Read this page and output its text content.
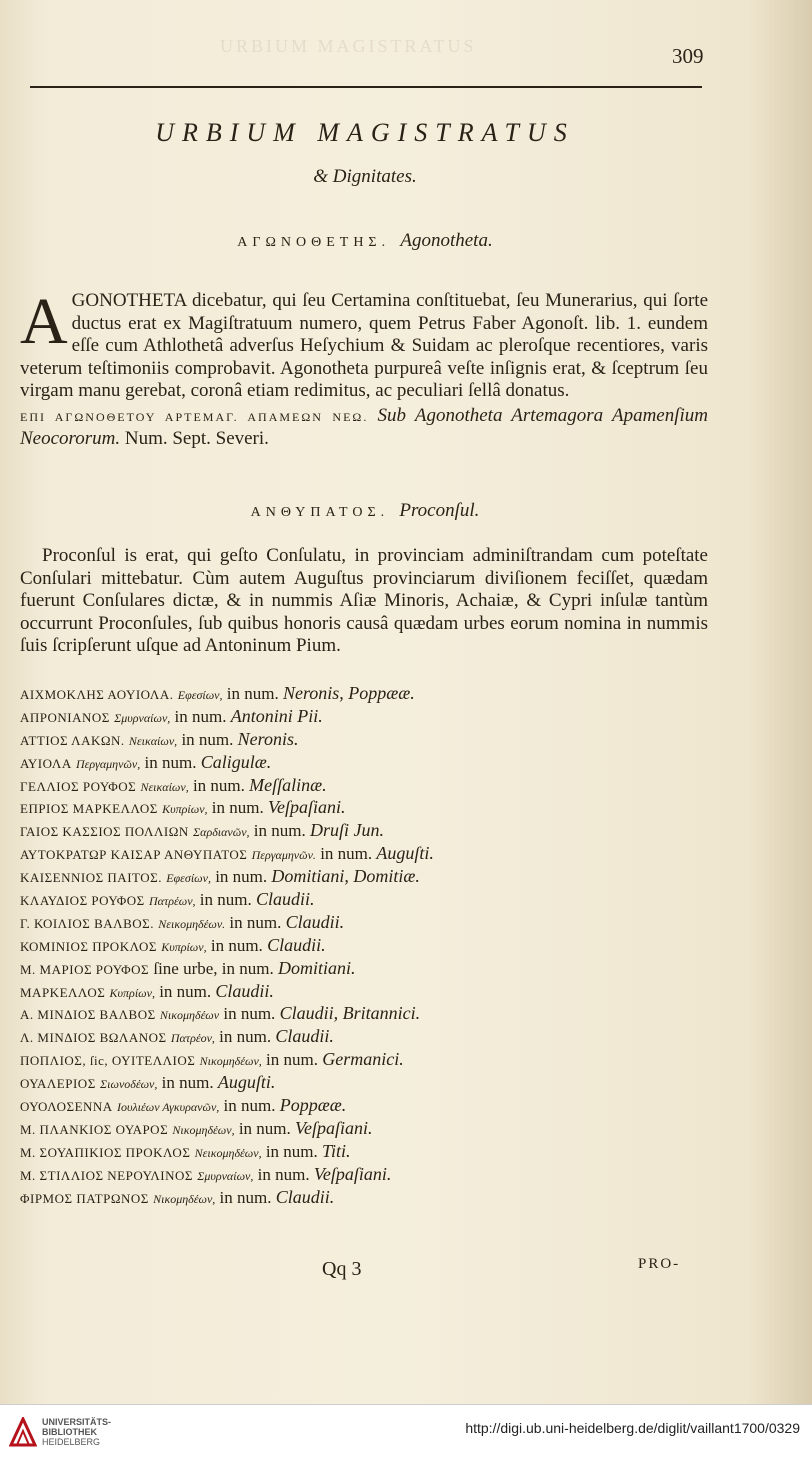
URBIUM MAGISTRATUS	309
URBIUM MAGISTRATUS
& Dignitates.
ΑΓΩΝΟΘΕΤΗΣ. Agonotheta.
AGONOTHETA dicebatur, qui ſeu Certamina conſtituebat, ſeu Munerarius, qui ſorte ductus erat ex Magiſtratuum numero, quem Petrus Faber Agonoſt. lib. 1. eundem eſſe cum Athlothetâ adverſus Heſychium & Suidam ac pleroſque recentiores, varis veterum teſtimoniis comprobavit. Agonotheta purpureâ veſte inſignis erat, & ſceptrum ſeu virgam manu gerebat, coronâ etiam redimitus, ac peculiari ſellâ donatus.
ΕΠΙ ΑΓΩΝΟΘΕΤΟΥ ΑΡΤΕΜΑΓ. ΑΠΑΜΕΩΝ ΝΕΩ. Sub Agonotheta Artemagora Apamenſium Neocororum. Num. Sept. Severi.
ΑΝΘΥΠΑΤΟΣ. Proconſul.
Proconſul is erat, qui geſto Conſulatu, in provinciam adminiſtrandam cum poteſtate Conſulari mittebatur. Cùm autem Auguſtus provinciarum diviſionem feciſſet, quædam fuerunt Conſulares dictæ, & in nummis Aſiæ Minoris, Achaiæ, & Cypri inſulæ tantùm occurrunt Proconſules, ſub quibus honoris causâ quædam urbes eorum nomina in nummis ſuis ſcripſerunt uſque ad Antoninum Pium.
ΑΙΧΜΟΚΛΗΣ ΑΟΥΙΟΛΑ. Εφεσίων, in num. Neronis, Poppææ.
ΑΠΡΟΝΙΑΝΟΣ Σμυρναίων, in num. Antonini Pii.
ΑΤΤΙΟΣ ΛΑΚΩΝ. Νεικαίων, in num. Neronis.
ΑΥΙΟΛΑ Περγαμηνῶν, in num. Caligulæ.
ΓΕΛΛΙΟΣ ΡΟΥΦΟΣ Νεικαίων, in num. Meſſalinæ.
ΕΠΡΙΟΣ ΜΑΡΚΕΛΛΟΣ Κυπρίων, in num. Veſpaſiani.
ΓΑΙΟΣ ΚΑΣΣΙΟΣ ΠΟΛΛΙΩΝ Σαρδιανῶν, in num. Druſi Jun.
ΑΥΤΟΚΡΑΤΩΡ ΚΑΙΣΑΡ ΑΝΘΥΠΑΤΟΣ Περγαμηνῶν. in num. Auguſti.
ΚΑΙΣΕΝΝΙΟΣ ΠΑΙΤΟΣ. Εφεσίων, in num. Domitiani, Domitiæ.
ΚΛΑΥΔΙΟΣ ΡΟΥΦΟΣ Πατρέων, in num. Claudii.
Γ. ΚΟΙΛΙΟΣ ΒΑΛΒΟΣ. Νεικομηδέων. in num. Claudii.
ΚΟΜΙΝΙΟΣ ΠΡΟΚΛΟΣ Κυπρίων, in num. Claudii.
Μ. ΜΑΡΙΟΣ ΡΟΥΦΟΣ ſine urbe, in num. Domitiani.
ΜΑΡΚΕΛΛΟΣ Κυπρίων, in num. Claudii.
Α. ΜΙΝΔΙΟΣ ΒΑΛΒΟΣ Νικομηδέων in num. Claudii, Britannici.
Λ. ΜΙΝΔΙΟΣ ΒΩΛΑΝΟΣ Πατρέον, in num. Claudii.
ΠΟΠΛΙΟΣ, ſic, ΟΥΙΤΕΛΛΙΟΣ Νικομηδέων, in num. Germanici.
ΟΥΑΛΕΡΙΟΣ Σιωνοδέων, in num. Auguſti.
ΟΥΟΛΟΣΕΝΝΑ Ιουλιέων Αγκυρανῶν, in num. Poppææ.
Μ. ΠΛΑΝΚΙΟΣ ΟΥΑΡΟΣ Νικομηδέων, in num. Veſpaſiani.
Μ. ΣΟΥΑΠΙΚΙΟΣ ΠΡΟΚΛΟΣ Νεικομηδέων, in num. Titi.
Μ. ΣΤΙΛΛΙΟΣ ΝΕΡΟΥΛΙΝΟΣ Σμυρναίων, in num. Veſpaſiani.
ΦΙΡΜΟΣ ΠΑΤΡΩΝΟΣ Νικομηδέων, in num. Claudii.
Qq 3	PRO-
UNIVERSITÄTS-
BIBLIOTHEK
HEIDELBERG
http://digi.ub.uni-heidelberg.de/diglit/vaillant1700/0329
